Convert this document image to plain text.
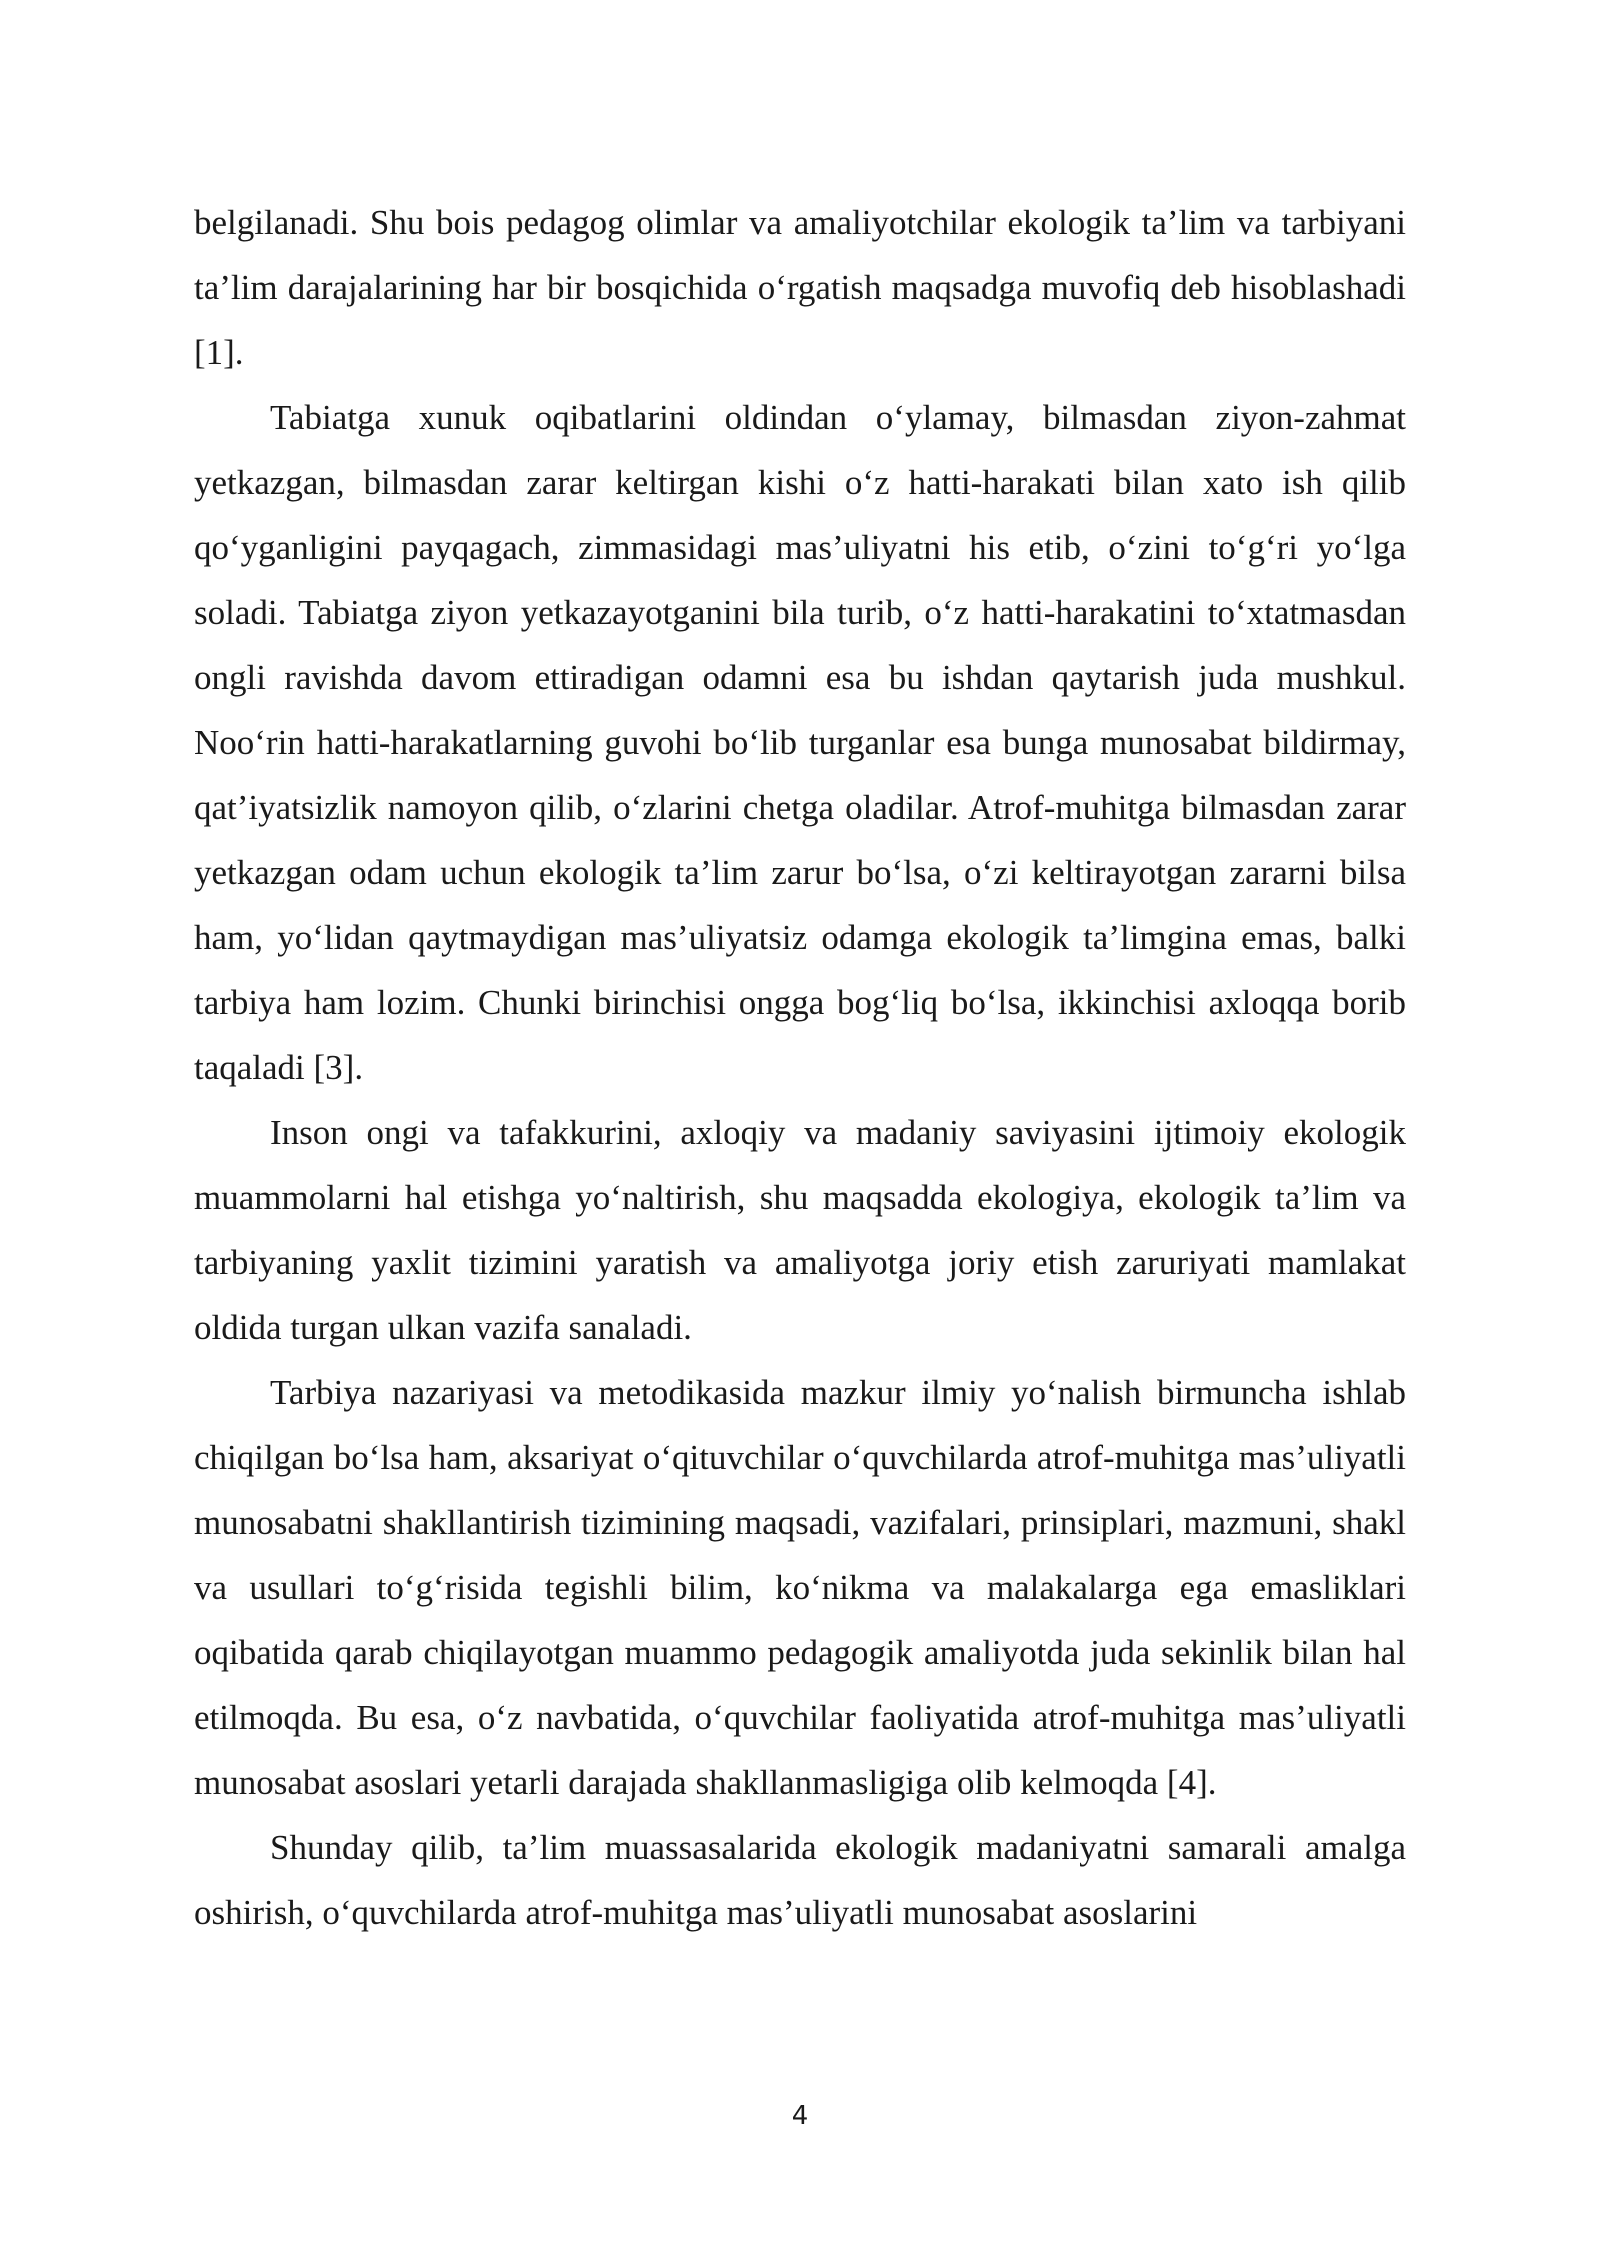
belgilanadi. Shu bois pedagog olimlar va amaliyotchilar ekologik ta’lim va tarbiyani ta’lim darajalarining har bir bosqichida o‘rgatish maqsadga muvofiq deb hisoblashadi [1].

Tabiatga xunuk oqibatlarini oldindan o‘ylamay, bilmasdan ziyon-zahmat yetkazgan, bilmasdan zarar keltirgan kishi o‘z hatti-harakati bilan xato ish qilib qo‘yganligini payqagach, zimmasidagi mas’uliyatni his etib, o‘zini to‘g‘ri yo‘lga soladi. Tabiatga ziyon yetkazayotganini bila turib, o‘z hatti-harakatini to‘xtatmasdan ongli ravishda davom ettiradigan odamni esa bu ishdan qaytarish juda mushkul. Noo‘rin hatti-harakatlarning guvohi bo‘lib turganlar esa bunga munosabat bildirmay, qat’iyatsizlik namoyon qilib, o‘zlarini chetga oladilar. Atrof-muhitga bilmasdan zarar yetkazgan odam uchun ekologik ta’lim zarur bo‘lsa, o‘zi keltirayotgan zararni bilsa ham, yo‘lidan qaytmaydigan mas’uliyatsiz odamga ekologik ta’limgina emas, balki tarbiya ham lozim. Chunki birinchisi ongga bog‘liq bo‘lsa, ikkinchisi axloqqa borib taqaladi [3].

Inson ongi va tafakkurini, axloqiy va madaniy saviyasini ijtimoiy ekologik muammolarni hal etishga yo‘naltirish, shu maqsadda ekologiya, ekologik ta’lim va tarbiyaning yaxlit tizimini yaratish va amaliyotga joriy etish zaruriyati mamlakat oldida turgan ulkan vazifa sanaladi.

Tarbiya nazariyasi va metodikasida mazkur ilmiy yo‘nalish birmuncha ishlab chiqilgan bo‘lsa ham, aksariyat o‘qituvchilar o‘quvchilarda atrof-muhitga mas’uliyatli munosabatni shakllantirish tizimining maqsadi, vazifalari, prinsiplari, mazmuni, shakl va usullari to‘g‘risida tegishli bilim, ko‘nikma va malakalarga ega emasliklari oqibatida qarab chiqilayotgan muammo pedagogik amaliyotda juda sekinlik bilan hal etilmoqda. Bu esa, o‘z navbatida, o‘quvchilar faoliyatida atrof-muhitga mas’uliyatli munosabat asoslari yetarli darajada shakllanmasligiga olib kelmoqda [4].

Shunday qilib, ta’lim muassasalarida ekologik madaniyatni samarali amalga oshirish, o‘quvchilarda atrof-muhitga mas’uliyatli munosabat asoslarini

4
